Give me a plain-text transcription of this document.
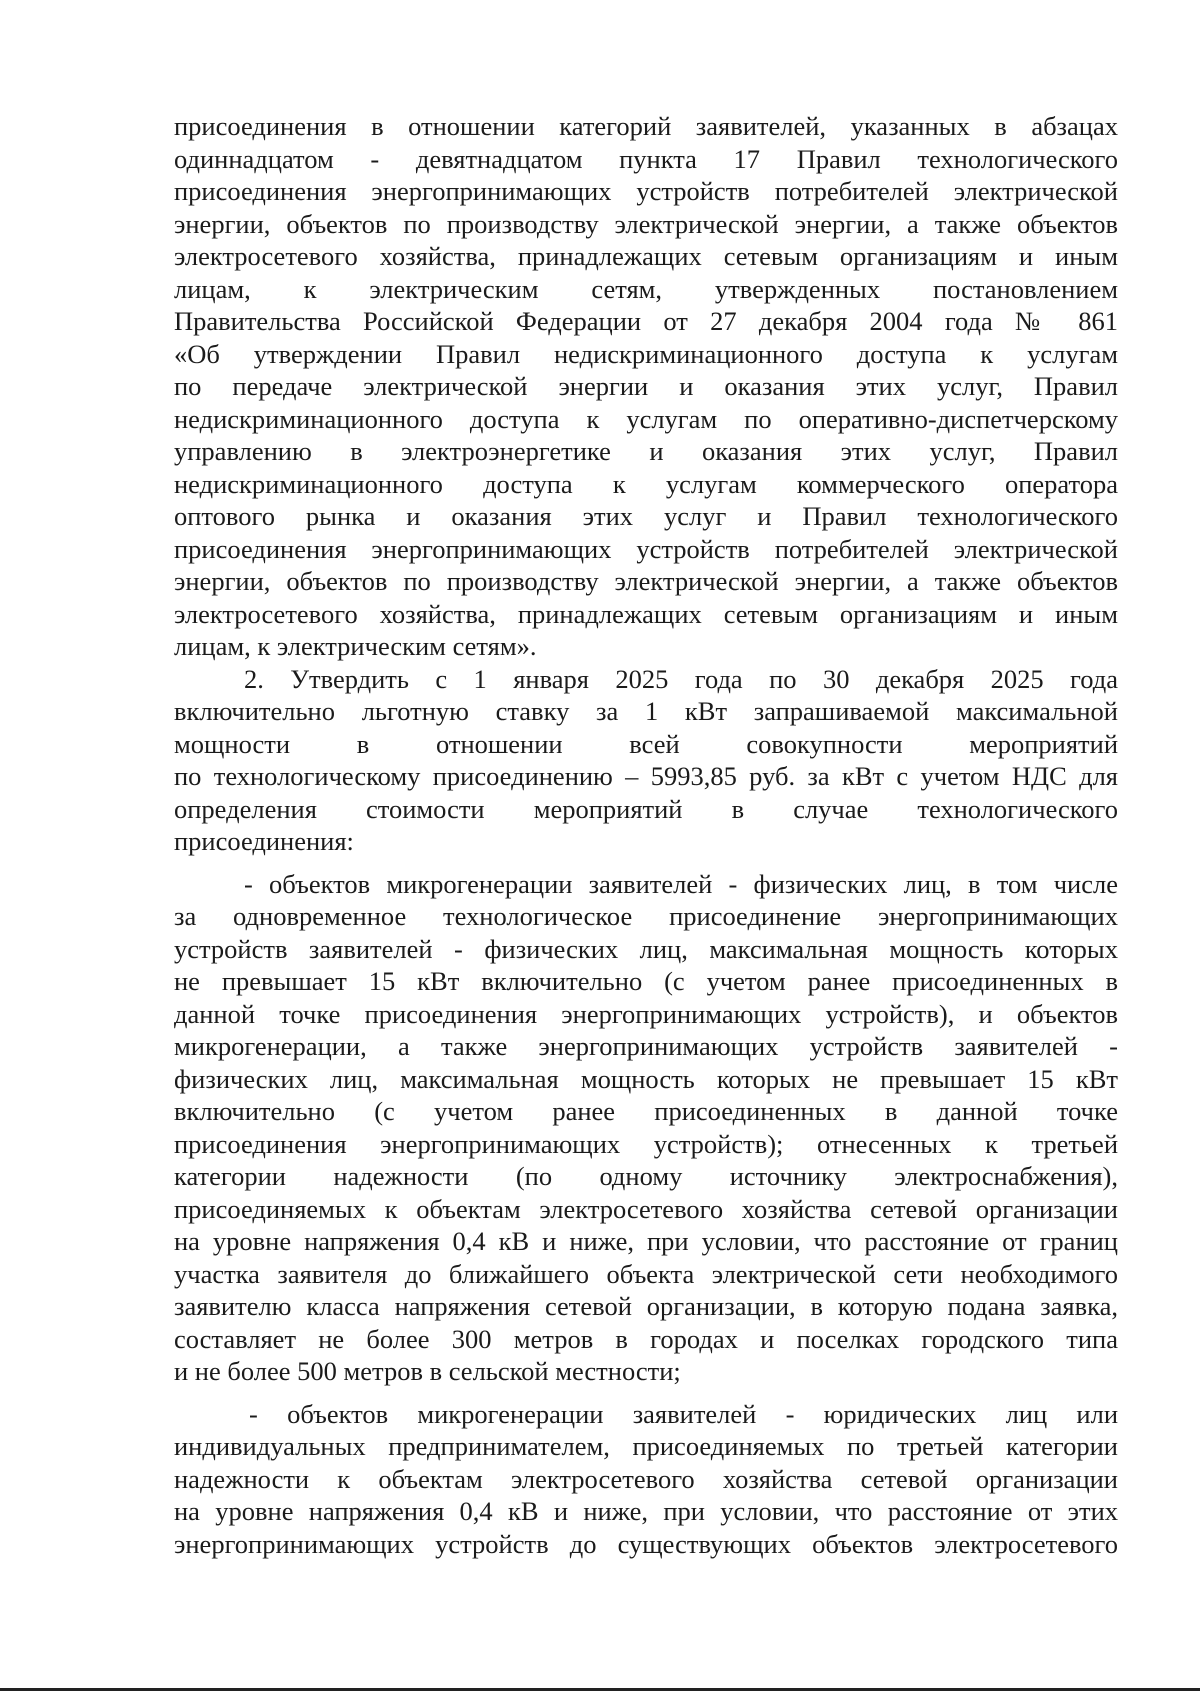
присоединения в отношении категорий заявителей, указанных в абзацах
одиннадцатом - девятнадцатом пункта 17 Правил технологического
присоединения энергопринимающих устройств потребителей электрической
энергии, объектов по производству электрической энергии, а также объектов
электросетевого хозяйства, принадлежащих сетевым организациям и иным
лицам, к электрическим сетям, утвержденных постановлением
Правительства Российской Федерации от 27 декабря 2004 года № 861
«Об утверждении Правил недискриминационного доступа к услугам
по передаче электрической энергии и оказания этих услуг, Правил
недискриминационного доступа к услугам по оперативно-диспетчерскому
управлению в электроэнергетике и оказания этих услуг, Правил
недискриминационного доступа к услугам коммерческого оператора
оптового рынка и оказания этих услуг и Правил технологического
присоединения энергопринимающих устройств потребителей электрической
энергии, объектов по производству электрической энергии, а также объектов
электросетевого хозяйства, принадлежащих сетевым организациям и иным
лицам, к электрическим сетям».
2. Утвердить с 1 января 2025 года по 30 декабря 2025 года
включительно льготную ставку за 1 кВт запрашиваемой максимальной
мощности в отношении всей совокупности мероприятий
по технологическому присоединению – 5993,85 руб. за кВт с учетом НДС для
определения стоимости мероприятий в случае технологического
присоединения:
- объектов микрогенерации заявителей - физических лиц, в том числе
за одновременное технологическое присоединение энергопринимающих
устройств заявителей - физических лиц, максимальная мощность которых
не превышает 15 кВт включительно (с учетом ранее присоединенных в
данной точке присоединения энергопринимающих устройств), и объектов
микрогенерации, а также энергопринимающих устройств заявителей -
физических лиц, максимальная мощность которых не превышает 15 кВт
включительно (с учетом ранее присоединенных в данной точке
присоединения энергопринимающих устройств); отнесенных к третьей
категории надежности (по одному источнику электроснабжения),
присоединяемых к объектам электросетевого хозяйства сетевой организации
на уровне напряжения 0,4 кВ и ниже, при условии, что расстояние от границ
участка заявителя до ближайшего объекта электрической сети необходимого
заявителю класса напряжения сетевой организации, в которую подана заявка,
составляет не более 300 метров в городах и поселках городского типа
и не более 500 метров в сельской местности;
- объектов микрогенерации заявителей - юридических лиц или
индивидуальных предпринимателем, присоединяемых по третьей категории
надежности к объектам электросетевого хозяйства сетевой организации
на уровне напряжения 0,4 кВ и ниже, при условии, что расстояние от этих
энергопринимающих устройств до существующих объектов электросетевого
